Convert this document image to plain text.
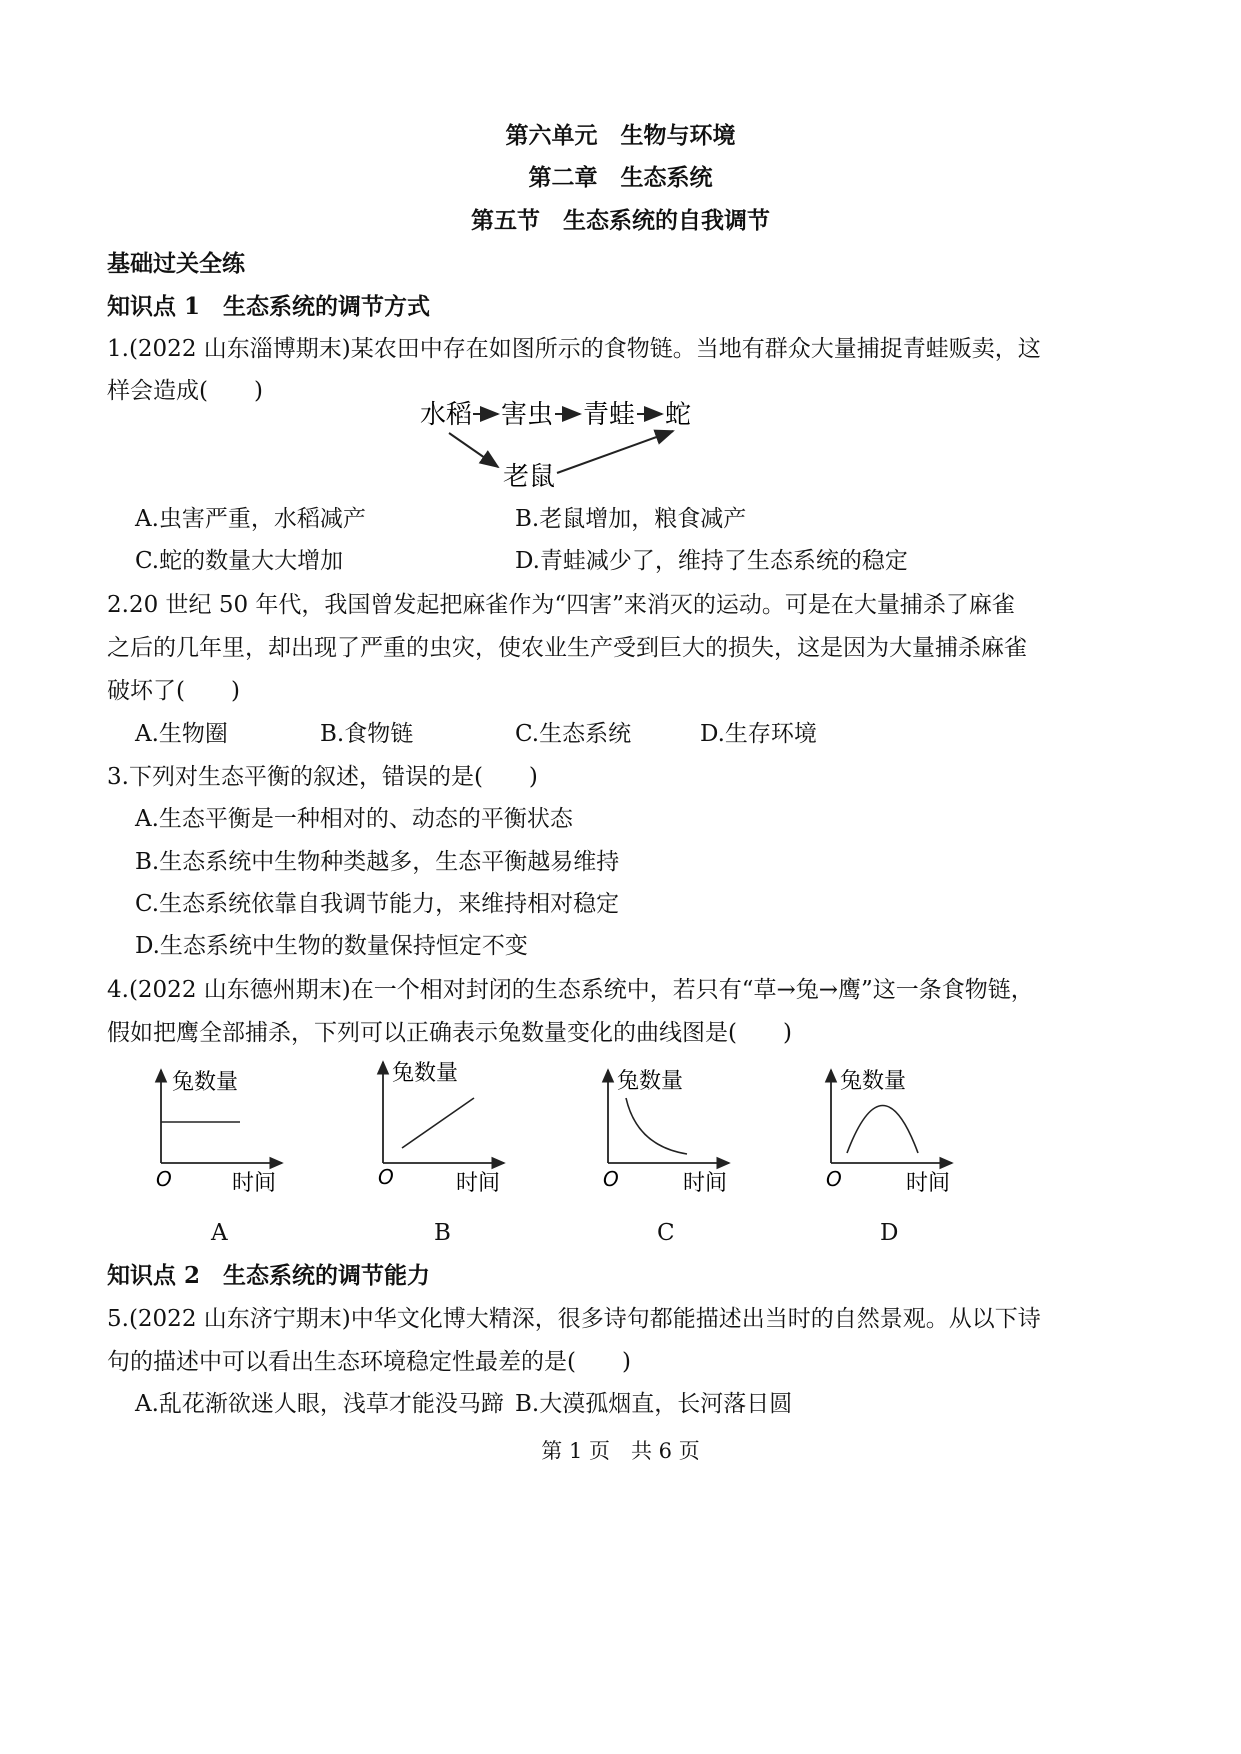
第六单元　生物与环境
第二章　生态系统
第五节　生态系统的自我调节
基础过关全练
知识点 1　生态系统的调节方式
1.(2022 山东淄博期末)某农田中存在如图所示的食物链。当地有群众大量捕捉青蛙贩卖，这
样会造成(　　)
水稻 害虫 青蛙 蛇
老鼠
A.虫害严重，水稻减产	B.老鼠增加，粮食减产
C.蛇的数量大大增加	D.青蛙减少了，维持了生态系统的稳定
2.20 世纪 50 年代，我国曾发起把麻雀作为“四害”来消灭的运动。可是在大量捕杀了麻雀
之后的几年里，却出现了严重的虫灾，使农业生产受到巨大的损失，这是因为大量捕杀麻雀
破坏了(　　)
A.生物圈	B.食物链	C.生态系统	D.生存环境
3.下列对生态平衡的叙述，错误的是(　　)
A.生态平衡是一种相对的、动态的平衡状态
B.生态系统中生物种类越多，生态平衡越易维持
C.生态系统依靠自我调节能力，来维持相对稳定
D.生态系统中生物的数量保持恒定不变
4.(2022 山东德州期末)在一个相对封闭的生态系统中，若只有“草→兔→鹰”这一条食物链，
假如把鹰全部捕杀，下列可以正确表示兔数量变化的曲线图是(　　)
兔数量
O	时间
兔数量
O	时间
兔数量
O	时间
兔数量
O	时间
A	B	C	D
知识点 2　生态系统的调节能力
5.(2022 山东济宁期末)中华文化博大精深，很多诗句都能描述出当时的自然景观。从以下诗
句的描述中可以看出生态环境稳定性最差的是(　　)
A.乱花渐欲迷人眼，浅草才能没马蹄 B.大漠孤烟直，长河落日圆
第 1 页　共 6 页
